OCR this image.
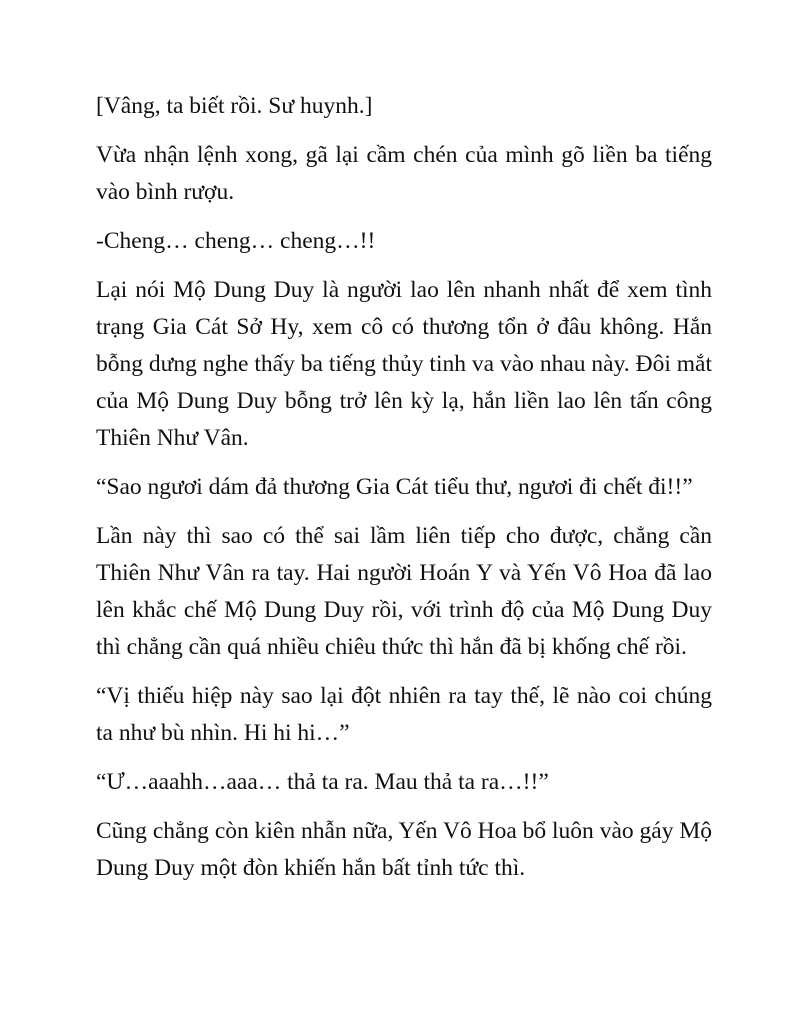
[Vâng, ta biết rồi. Sư huynh.]

Vừa nhận lệnh xong, gã lại cầm chén của mình gõ liền ba tiếng vào bình rượu.

-Cheng… cheng… cheng…!!

Lại nói Mộ Dung Duy là người lao lên nhanh nhất để xem tình trạng Gia Cát Sở Hy, xem cô có thương tổn ở đâu không. Hắn bỗng dưng nghe thấy ba tiếng thủy tinh va vào nhau này. Đôi mắt của Mộ Dung Duy bỗng trở lên kỳ lạ, hắn liền lao lên tấn công Thiên Như Vân.

“Sao ngươi dám đả thương Gia Cát tiểu thư, ngươi đi chết đi!!”

Lần này thì sao có thể sai lầm liên tiếp cho được, chẳng cần Thiên Như Vân ra tay. Hai người Hoán Y và Yến Vô Hoa đã lao lên khắc chế Mộ Dung Duy rồi, với trình độ của Mộ Dung Duy thì chẳng cần quá nhiều chiêu thức thì hắn đã bị khống chế rồi.

“Vị thiếu hiệp này sao lại đột nhiên ra tay thế, lẽ nào coi chúng ta như bù nhìn. Hi hi hi…”

“Ư…aaahh…aaa… thả ta ra. Mau thả ta ra…!!”

Cũng chẳng còn kiên nhẫn nữa, Yến Vô Hoa bổ luôn vào gáy Mộ Dung Duy một đòn khiến hắn bất tỉnh tức thì.
